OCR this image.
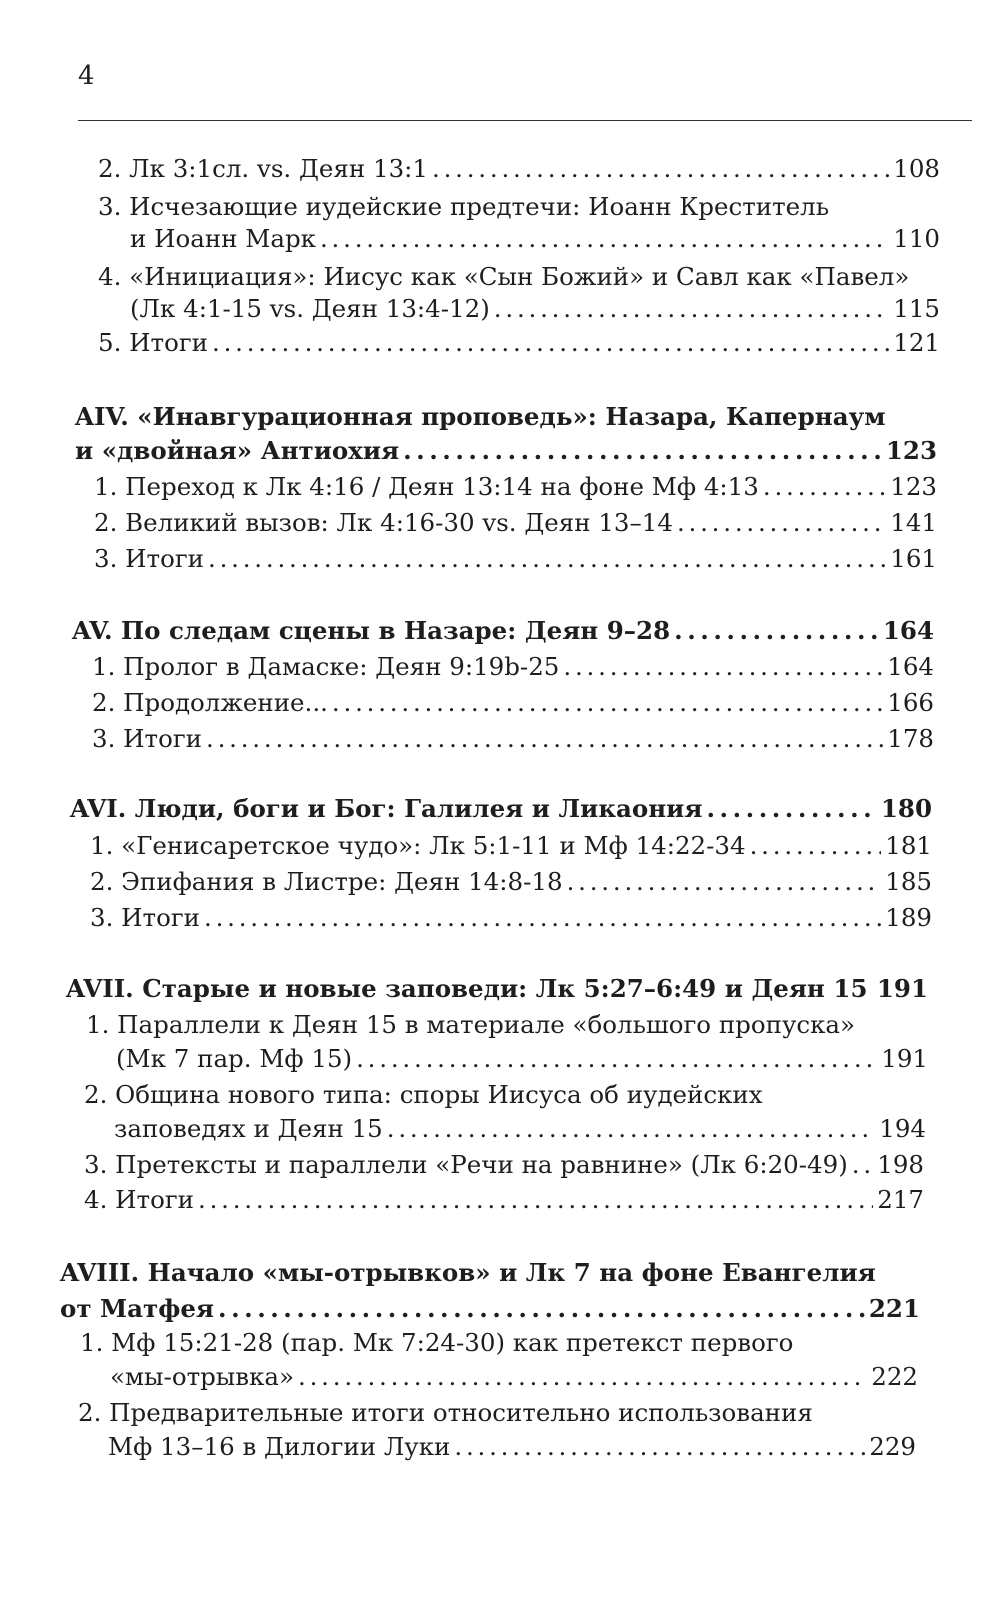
4
2. Лк 3:1сл. vs. Деян 13:1 . . .	108
3. Исчезающие иудейские предтечи: Иоанн Креститель
и Иоанн Марк . . .	110
4. «Инициация»: Иисус как «Сын Божий» и Савл как «Павел»
(Лк 4:1-15 vs. Деян 13:4-12) . . .	115
5. Итоги . . .	121
AIV. «Инавгурационная проповедь»: Назара, Капернаум
и «двойная» Антиохия . . .	123
1. Переход к Лк 4:16 / Деян 13:14 на фоне Мф 4:13 . . .	123
2. Великий вызов: Лк 4:16-30 vs. Деян 13–14 . . .	141
3. Итоги . . .	161
AV. По следам сцены в Назаре: Деян 9–28 . . .	164
1. Пролог в Дамаске: Деян 9:19b-25 . . .	164
2. Продолжение... . . .	166
3. Итоги . . .	178
AVI. Люди, боги и Бог: Галилея и Ликаония . . .	180
1. «Генисаретское чудо»: Лк 5:1-11 и Мф 14:22-34 . . .	181
2. Эпифания в Листре: Деян 14:8-18 . . .	185
3. Итоги . . .	189
AVII. Старые и новые заповеди: Лк 5:27–6:49 и Деян 15 . . . 191
1. Параллели к Деян 15 в материале «большого пропуска»
(Мк 7 пар. Мф 15) . . .	191
2. Община нового типа: споры Иисуса об иудейских
заповедях и Деян 15 . . .	194
3. Претексты и параллели «Речи на равнине» (Лк 6:20-49) . . . 198
4. Итоги . . .	217
AVIII. Начало «мы-отрывков» и Лк 7 на фоне Евангелия
от Матфея . . .	221
1. Мф 15:21-28 (пар. Мк 7:24-30) как претекст первого
«мы-отрывка» . . .	222
2. Предварительные итоги относительно использования
Мф 13–16 в Дилогии Луки . . .	229
